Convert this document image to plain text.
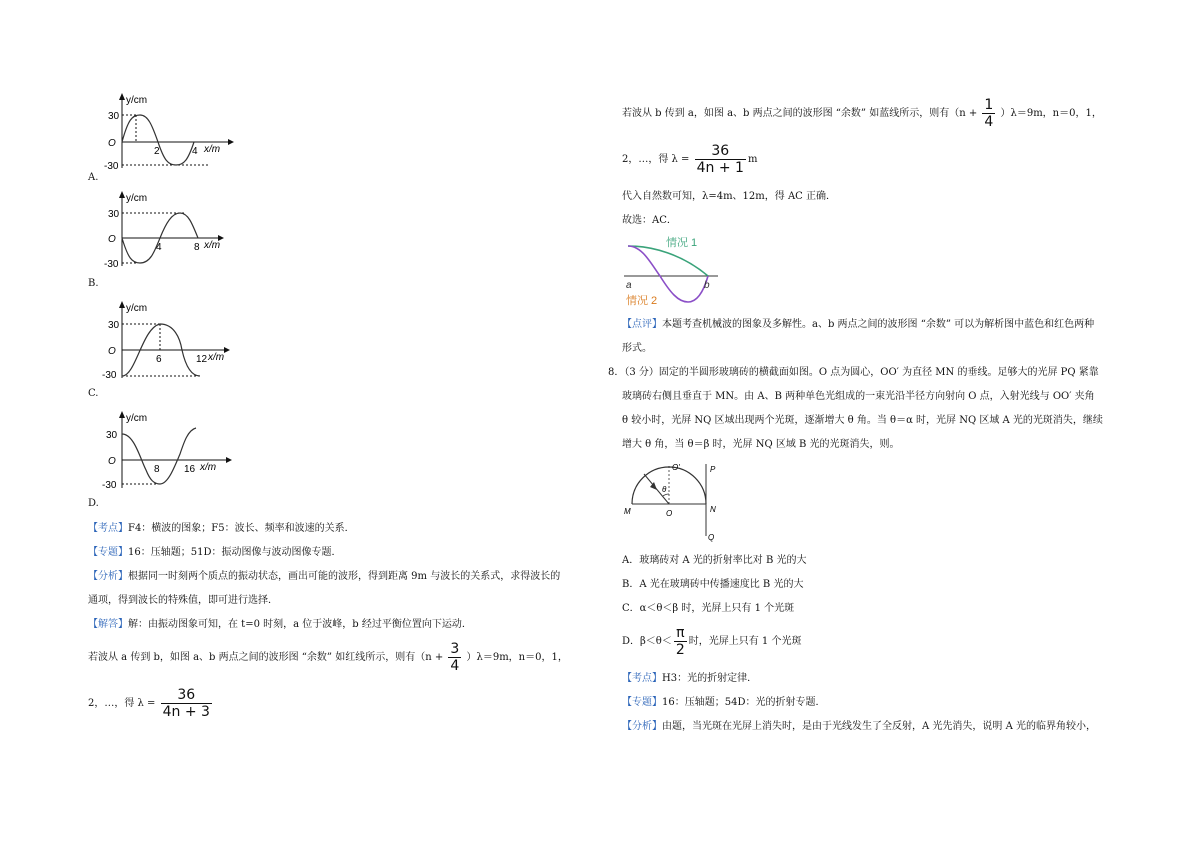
y/cm
30
O
-30
2	4 x/m
A.
y/cm
30
O
-30
4	8 x/m
B.
y/cm
30
O
-30
6	12 x/m
C.
y/cm
30
O
-30
8 16 x/m
D.
【考点】F4：横波的图象；F5：波长、频率和波速的关系．
【专题】16：压轴题；51D：振动图像与波动图像专题．
【分析】根据同一时刻两个质点的振动状态，画出可能的波形，得到距离 9m 与波长的关系式，求得波长的
通项，得到波长的特殊值，即可进行选择．
【解答】解：由振动图象可知，在 t=0 时刻，a 位于波峰，b 经过平衡位置向下运动．
若波从 a 传到 b，如图 a、b 两点之间的波形图 “余数” 如红线所示，则有$(n + \frac{3}{4} )\lambda=9m$，n＝0，1，
2，…，得 $\lambda = \frac{36}{4n + 3}$
若波从 b 传到 a，如图 a、b 两点之间的波形图 “余数” 如蓝线所示，则有$(n + \frac{1}{4} )\lambda=9m$，n＝0，1，
2，…，得 $\lambda = \frac{36}{4n + 1}$ m
代入自然数可知，λ=4m、12m，得 AC 正确．
故选：AC．
情况 1
a	b
情况 2
【点评】本题考查机械波的图象及多解性。a、b 两点之间的波形图 “余数” 可以为解析图中蓝色和红色两种
形式。
8．（3 分）固定的半圆形玻璃砖的横截面如图。O 点为圆心，OO′ 为直径 MN 的垂线。足够大的光屏 PQ 紧靠
玻璃砖右侧且垂直于 MN。由 A、B 两种单色光组成的一束光沿半径方向射向 O 点，入射光线与 OO′ 夹角
θ 较小时，光屏 NQ 区域出现两个光斑，逐渐增大 θ 角。当 θ＝α 时，光屏 NQ 区域 A 光的光斑消失，继续
增大 θ 角，当 θ＝β 时，光屏 NQ 区域 B 光的光斑消失，则。
O'	P
θ
M	O	N
Q
A．玻璃砖对 A 光的折射率比对 B 光的大
B．A 光在玻璃砖中传播速度比 B 光的大
C．α＜θ＜β 时，光屏上只有 1 个光斑
D．$\beta<\theta< \frac{\pi}{2}$ 时，光屏上只有 1 个光斑
【考点】H3：光的折射定律．
【专题】16：压轴题；54D：光的折射专题．
【分析】由题，当光斑在光屏上消失时，是由于光线发生了全反射，A 光先消失，说明 A 光的临界角较小，
